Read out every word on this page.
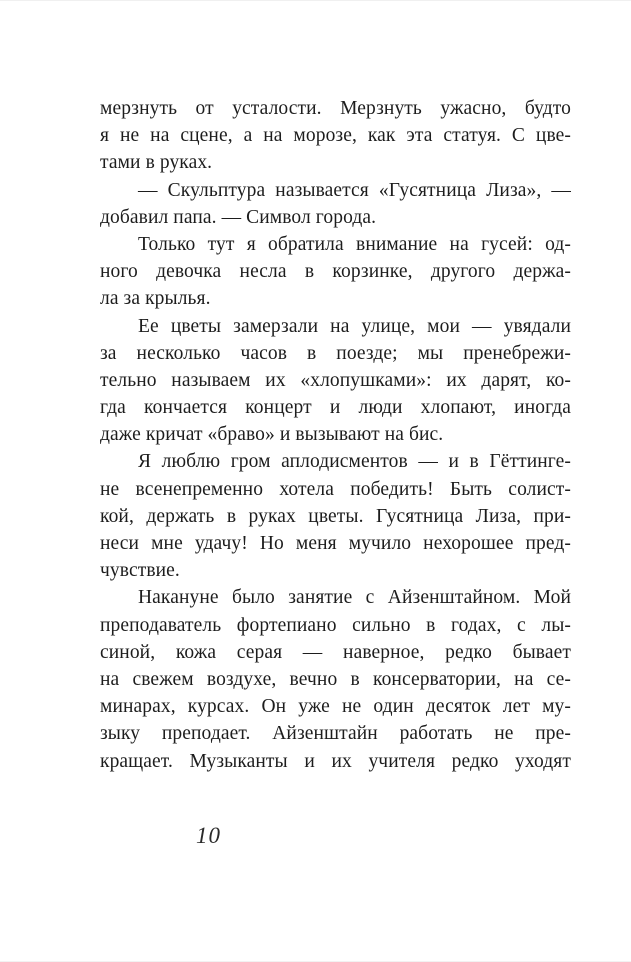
мерзнуть от усталости. Мерзнуть ужасно, будто
я не на сцене, а на морозе, как эта статуя. С цве-
тами в руках.
— Скульптура называется «Гусятница Лиза», —
добавил папа. — Символ города.
Только тут я обратила внимание на гусей: од-
ного девочка несла в корзинке, другого держа-
ла за крылья.
Ее цветы замерзали на улице, мои — увядали
за несколько часов в поезде; мы пренебрежи-
тельно называем их «хлопушками»: их дарят, ко-
гда кончается концерт и люди хлопают, иногда
даже кричат «браво» и вызывают на бис.
Я люблю гром аплодисментов — и в Гёттинге-
не всенепременно хотела победить! Быть солист-
кой, держать в руках цветы. Гусятница Лиза, при-
неси мне удачу! Но меня мучило нехорошее пред-
чувствие.
Накануне было занятие с Айзенштайном. Мой
преподаватель фортепиано сильно в годах, с лы-
синой, кожа серая — наверное, редко бывает
на свежем воздухе, вечно в консерватории, на се-
минарах, курсах. Он уже не один десяток лет му-
зыку преподает. Айзенштайн работать не пре-
кращает. Музыканты и их учителя редко уходят
10
